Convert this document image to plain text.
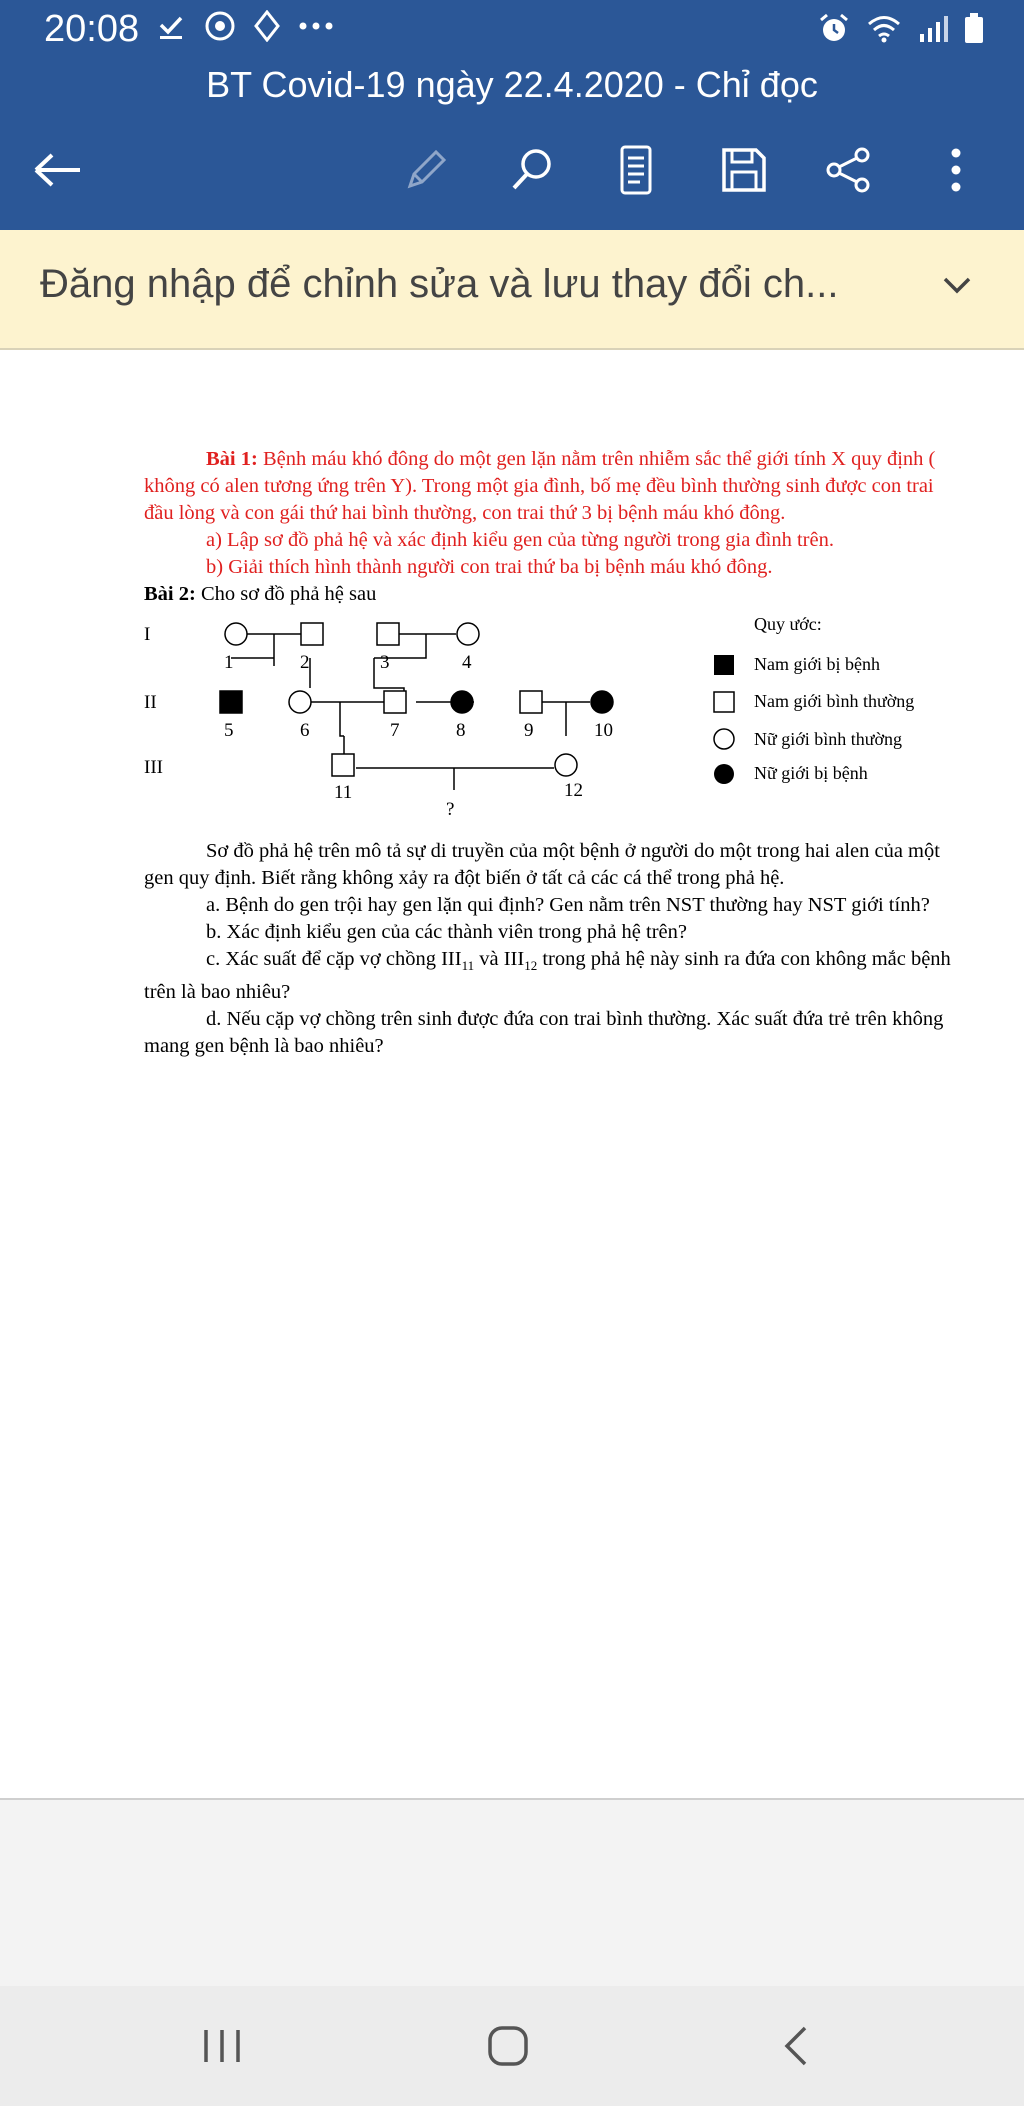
20:08
BT Covid-19 ngày 22.4.2020 - Chỉ đọc
Đăng nhập để chỉnh sửa và lưu thay đổi ch...

Bài 1: Bệnh máu khó đông do một gen lặn nằm trên nhiễm sắc thể giới tính X quy định ( không có alen tương ứng trên Y). Trong một gia đình, bố mẹ đều bình thường sinh được con trai đầu lòng và con gái thứ hai bình thường, con trai thứ 3 bị bệnh máu khó đông.

a) Lập sơ đồ phả hệ và xác định kiểu gen của từng người trong gia đình trên.

b) Giải thích hình thành người con trai thứ ba bị bệnh máu khó đông.

Bài 2: Cho sơ đồ phả hệ sau

I
II
III
1	2	3	4
5	6	7	8	9	10
11	12
?
Quy ước:
Nam giới bị bệnh
Nam giới bình thường
Nữ giới bình thường
Nữ giới bị bệnh

Sơ đồ phả hệ trên mô tả sự di truyền của một bệnh ở người do một trong hai alen của một gen quy định. Biết rằng không xảy ra đột biến ở tất cả các cá thể trong phả hệ.

a. Bệnh do gen trội hay gen lặn qui định? Gen nằm trên NST thường hay NST giới tính?

b. Xác định kiểu gen của các thành viên trong phả hệ trên?

c. Xác suất để cặp vợ chồng $III_{11}$ và $III_{12}$ trong phả hệ này sinh ra đứa con không mắc bệnh trên là bao nhiêu?

d. Nếu cặp vợ chồng trên sinh được đứa con trai bình thường. Xác suất đứa trẻ trên không mang gen bệnh là bao nhiêu?
